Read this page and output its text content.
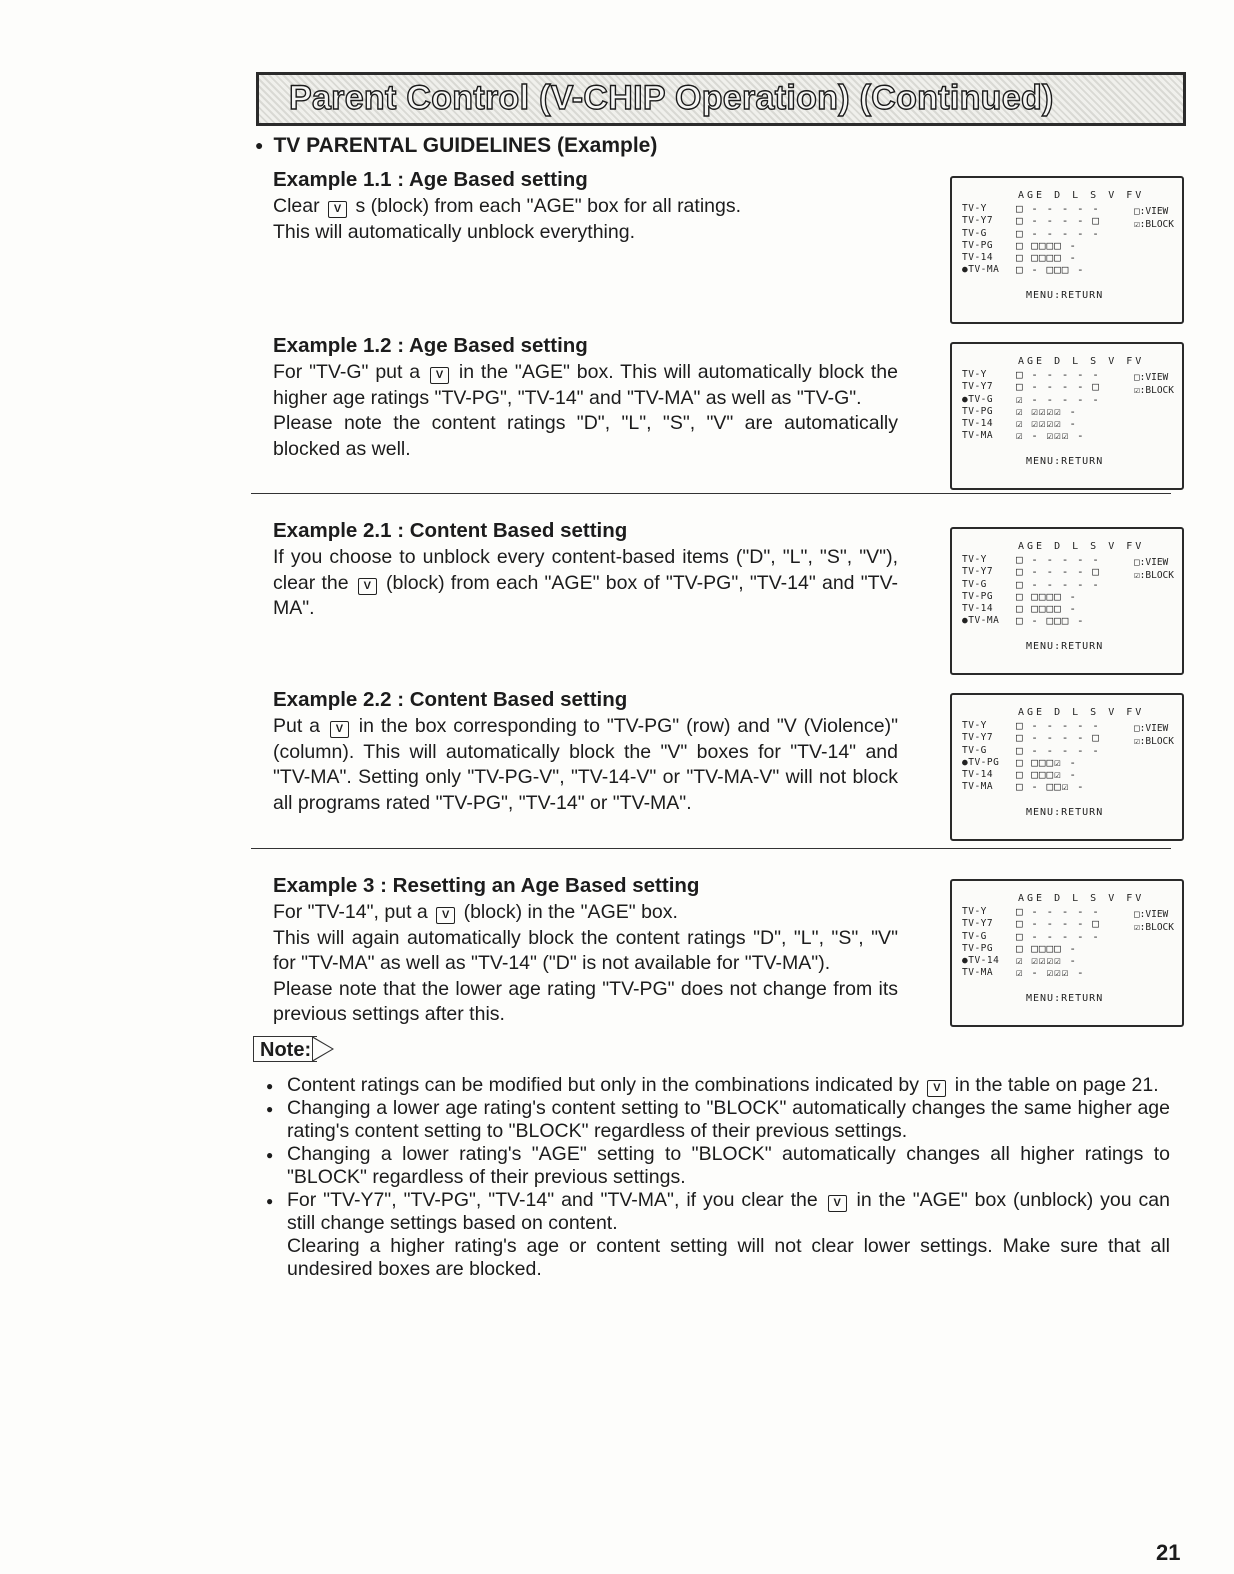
Parent Control (V-CHIP Operation) (Continued)
● TV PARENTAL GUIDELINES (Example)
Example 1.1 : Age Based setting

Clear V s (block) from each "AGE" box for all ratings.

This will automatically unblock everything.

Example 1.2 : Age Based setting

For "TV-G" put a V in the "AGE" box. This will automatically block the higher age ratings "TV-PG", "TV-14" and "TV-MA" as well as "TV-G".

Please note the content ratings "D", "L", "S", "V" are automatically blocked as well.

Example 2.1 : Content Based setting

If you choose to unblock every content-based items ("D", "L", "S", "V"), clear the V (block) from each "AGE" box of "TV-PG", "TV-14" and "TV-MA".

Example 2.2 : Content Based setting

Put a V in the box corresponding to "TV-PG" (row) and "V (Violence)" (column). This will automatically block the "V" boxes for "TV-14" and "TV-MA". Setting only "TV-PG-V", "TV-14-V" or "TV-MA-V" will not block all programs rated "TV-PG", "TV-14" or "TV-MA".

Example 3 : Resetting an Age Based setting

For "TV-14", put a V (block) in the "AGE" box.

This will again automatically block the content ratings "D", "L", "S", "V" for "TV-MA" as well as "TV-14" ("D" is not available for "TV-MA").

Please note that the lower age rating "TV-PG" does not change from its previous settings after this.

AGE D L S V FV
TV-Y	□ - - - - -
TV-Y7 □ - - - - □
TV-G	□ - - - - -
TV-PG □ □□□□ -
TV-14 □ □□□□ -
●TV-MA □ - □□□ -
□:VIEW
☑:BLOCK
MENU:RETURN
AGE D L S V FV
TV-Y	□ - - - - -
TV-Y7 □ - - - - □
●TV-G ☑ - - - - -
TV-PG ☑ ☑☑☑☑ -
TV-14 ☑ ☑☑☑☑ -
TV-MA ☑ - ☑☑☑ -
□:VIEW
☑:BLOCK
MENU:RETURN
AGE D L S V FV
TV-Y	□ - - - - -
TV-Y7 □ - - - - □
TV-G	□ - - - - -
TV-PG □ □□□□ -
TV-14 □ □□□□ -
●TV-MA □ - □□□ -
□:VIEW
☑:BLOCK
MENU:RETURN
AGE D L S V FV
TV-Y	□ - - - - -
TV-Y7 □ - - - - □
TV-G	□ - - - - -
●TV-PG □ □□□☑ -
TV-14 □ □□□☑ -
TV-MA □ - □□☑ -
□:VIEW
☑:BLOCK
MENU:RETURN
AGE D L S V FV
TV-Y	□ - - - - -
TV-Y7 □ - - - - □
TV-G	□ - - - - -
TV-PG □ □□□□ -
●TV-14 ☑ ☑☑☑☑ -
TV-MA ☑ - ☑☑☑ -
□:VIEW
☑:BLOCK
MENU:RETURN
Note:
● Content ratings can be modified but only in the combinations indicated by V in the table on page 21.

● Changing a lower age rating's content setting to "BLOCK" automatically changes the same higher age rating's content setting to "BLOCK" regardless of their previous settings.

● Changing a lower rating's "AGE" setting to "BLOCK" automatically changes all higher ratings to "BLOCK" regardless of their previous settings.

● For "TV-Y7", "TV-PG", "TV-14" and "TV-MA", if you clear the V in the "AGE" box (unblock) you can still change settings based on content.

Clearing a higher rating's age or content setting will not clear lower settings. Make sure that all undesired boxes are blocked.

21
